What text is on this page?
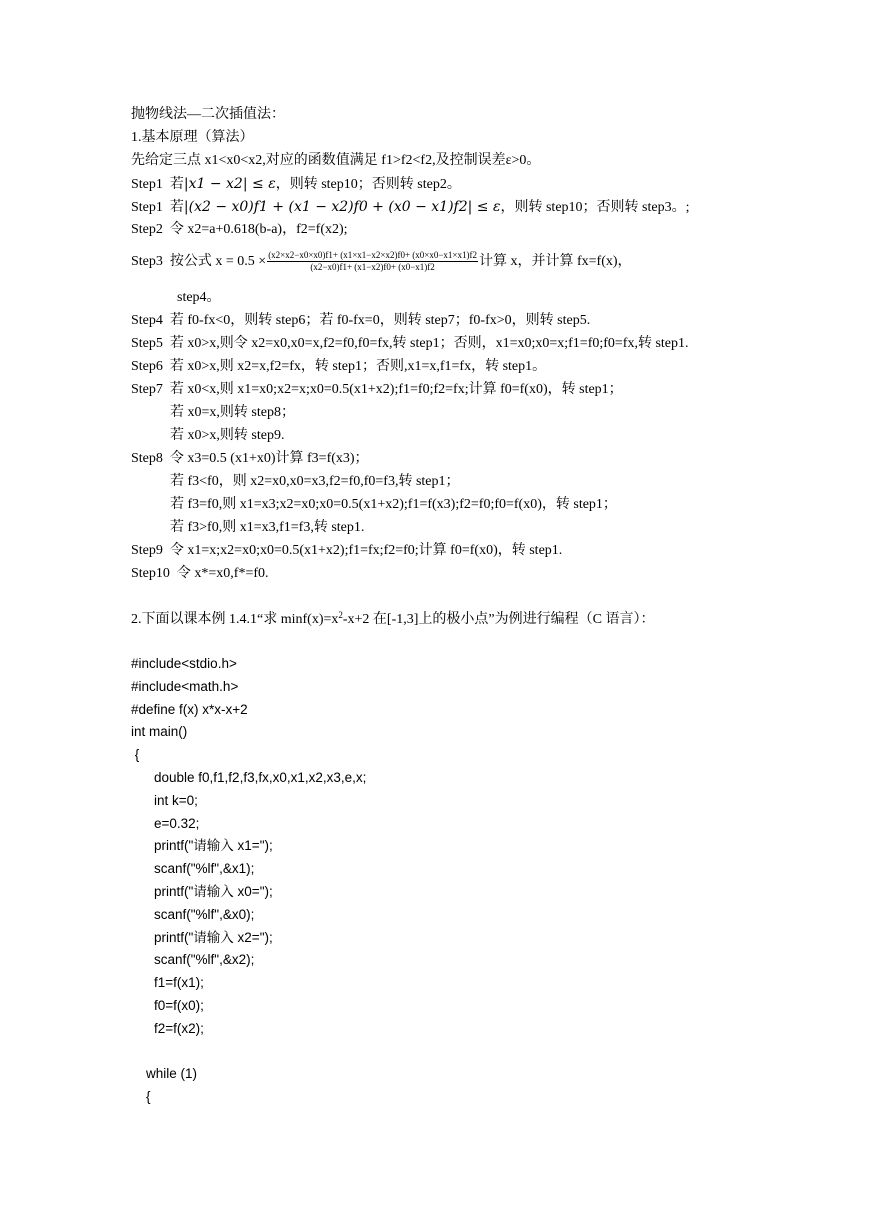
抛物线法—二次插值法：
1.基本原理（算法）
先给定三点 x1<x0<x2,对应的函数值满足 f1>f2<f2,及控制误差ε>0。
Step1 若|x1 − x2| ≤ ε，则转 step10；否则转 step2。
Step1 若|(x2 − x0)f1 + (x1 − x2)f0 + (x0 − x1)f2| ≤ ε，则转 step10；否则转 step3。;
Step2 令 x2=a+0.618(b-a)，f2=f(x2);
Step3 按公式 $x = 0.5 \times \frac{(x2\times x2-x0\times x0)f1+ (x1\times x1-x2\times x2)f0+ (x0\times x0-x1\times x1)f2}{(x2-x0)f1+ (x1-x2)f0+ (x0-x1)f2}$ 计算 x，并计算 fx=f(x)，
step4。
Step4 若 f0-fx<0，则转 step6；若 f0-fx=0，则转 step7；f0-fx>0，则转 step5.
Step5 若 x0>x,则令 x2=x0,x0=x,f2=f0,f0=fx,转 step1；否则，x1=x0;x0=x;f1=f0;f0=fx,转 step1.
Step6 若 x0>x,则 x2=x,f2=fx，转 step1；否则,x1=x,f1=fx，转 step1。
Step7 若 x0<x,则 x1=x0;x2=x;x0=0.5(x1+x2);f1=f0;f2=fx;计算 f0=f(x0)，转 step1；
若 x0=x,则转 step8；
若 x0>x,则转 step9.
Step8 令 x3=0.5 (x1+x0)计算 f3=f(x3)；
若 f3<f0，则 x2=x0,x0=x3,f2=f0,f0=f3,转 step1；
若 f3=f0,则 x1=x3;x2=x0;x0=0.5(x1+x2);f1=f(x3);f2=f0;f0=f(x0)，转 step1；
若 f3>f0,则 x1=x3,f1=f3,转 step1.
Step9 令 x1=x;x2=x0;x0=0.5(x1+x2);f1=fx;f2=f0;计算 f0=f(x0)，转 step1.
Step10 令 x*=x0,f*=f0.
2.下面以课本例 1.4.1“求 $\min f(x)=x^2-x+2$ 在[-1,3]上的极小点”为例进行编程（C 语言）：
#include<stdio.h>
#include<math.h>
#define f(x) x*x-x+2
int main()
{
double f0,f1,f2,f3,fx,x0,x1,x2,x3,e,x;
int k=0;
e=0.32;
printf("请输入 x1=");
scanf("%lf",&x1);
printf("请输入 x0=");
scanf("%lf",&x0);
printf("请输入 x2=");
scanf("%lf",&x2);
f1=f(x1);
f0=f(x0);
f2=f(x2);
while (1)
{
